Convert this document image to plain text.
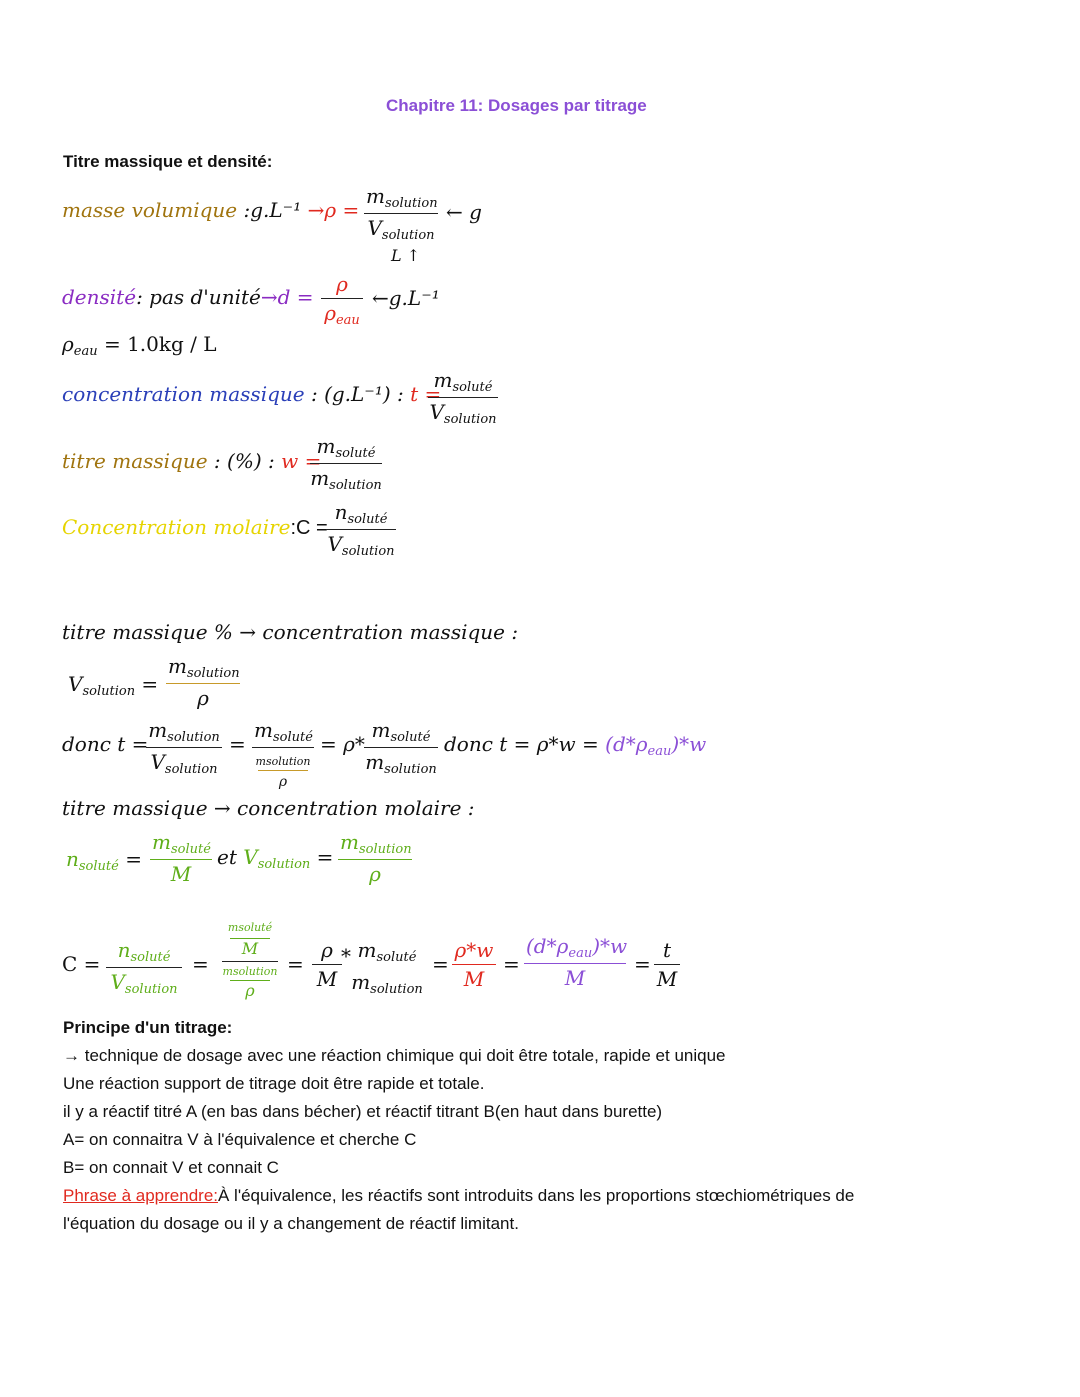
Chapitre 11: Dosages par titrage
Titre massique et densité:
masse volumique :g.L⁻¹ →ρ =
$m_{solution}$
$V_{solution}$
← g
L ↑
densité: pas d'unité→d =
ρ
$\rho_{eau}$
←g.L⁻¹
$\rho_{eau} = 1.0kg / L$
concentration massique : (g.L⁻¹) : t =
$m_{soluté}$
$V_{solution}$
titre massique : (%) : w =
$m_{soluté}$
$m_{solution}$
Concentration molaire:C =
$n_{soluté}$
$V_{solution}$
titre massique % → concentration massique :
$V_{solution}$ =
$m_{solution}$
ρ
donc t =
$m_{solution}$
$V_{solution}$
=
$m_{soluté}$
msolution
ρ
= ρ*
$m_{soluté}$
$m_{solution}$
donc $t = \rho*w = (d*\rho_{eau})*w$
titre massique → concentration molaire :
$n_{soluté}$ =
$m_{soluté}$
M
et $V_{solution}$ =
$m_{solution}$
ρ
C =
$n_{soluté}$
$V_{solution}$
=
msoluté
M
msolution
ρ
=
ρ
M
* $m_{soluté}$
$m_{solution}$
=
ρ*w
M
=
$(d*\rho_{eau})*w$
M
=
t
M
Principe d'un titrage:
→ technique de dosage avec une réaction chimique qui doit être totale, rapide et unique
Une réaction support de titrage doit être rapide et totale.
il y a réactif titré A (en bas dans bécher) et réactif titrant B(en haut dans burette)
A= on connaitra V à l'équivalence et cherche C
B= on connait V et connait C
Phrase à apprendre:À l'équivalence, les réactifs sont introduits dans les proportions stœchiométriques de
l'équation du dosage ou il y a changement de réactif limitant.
